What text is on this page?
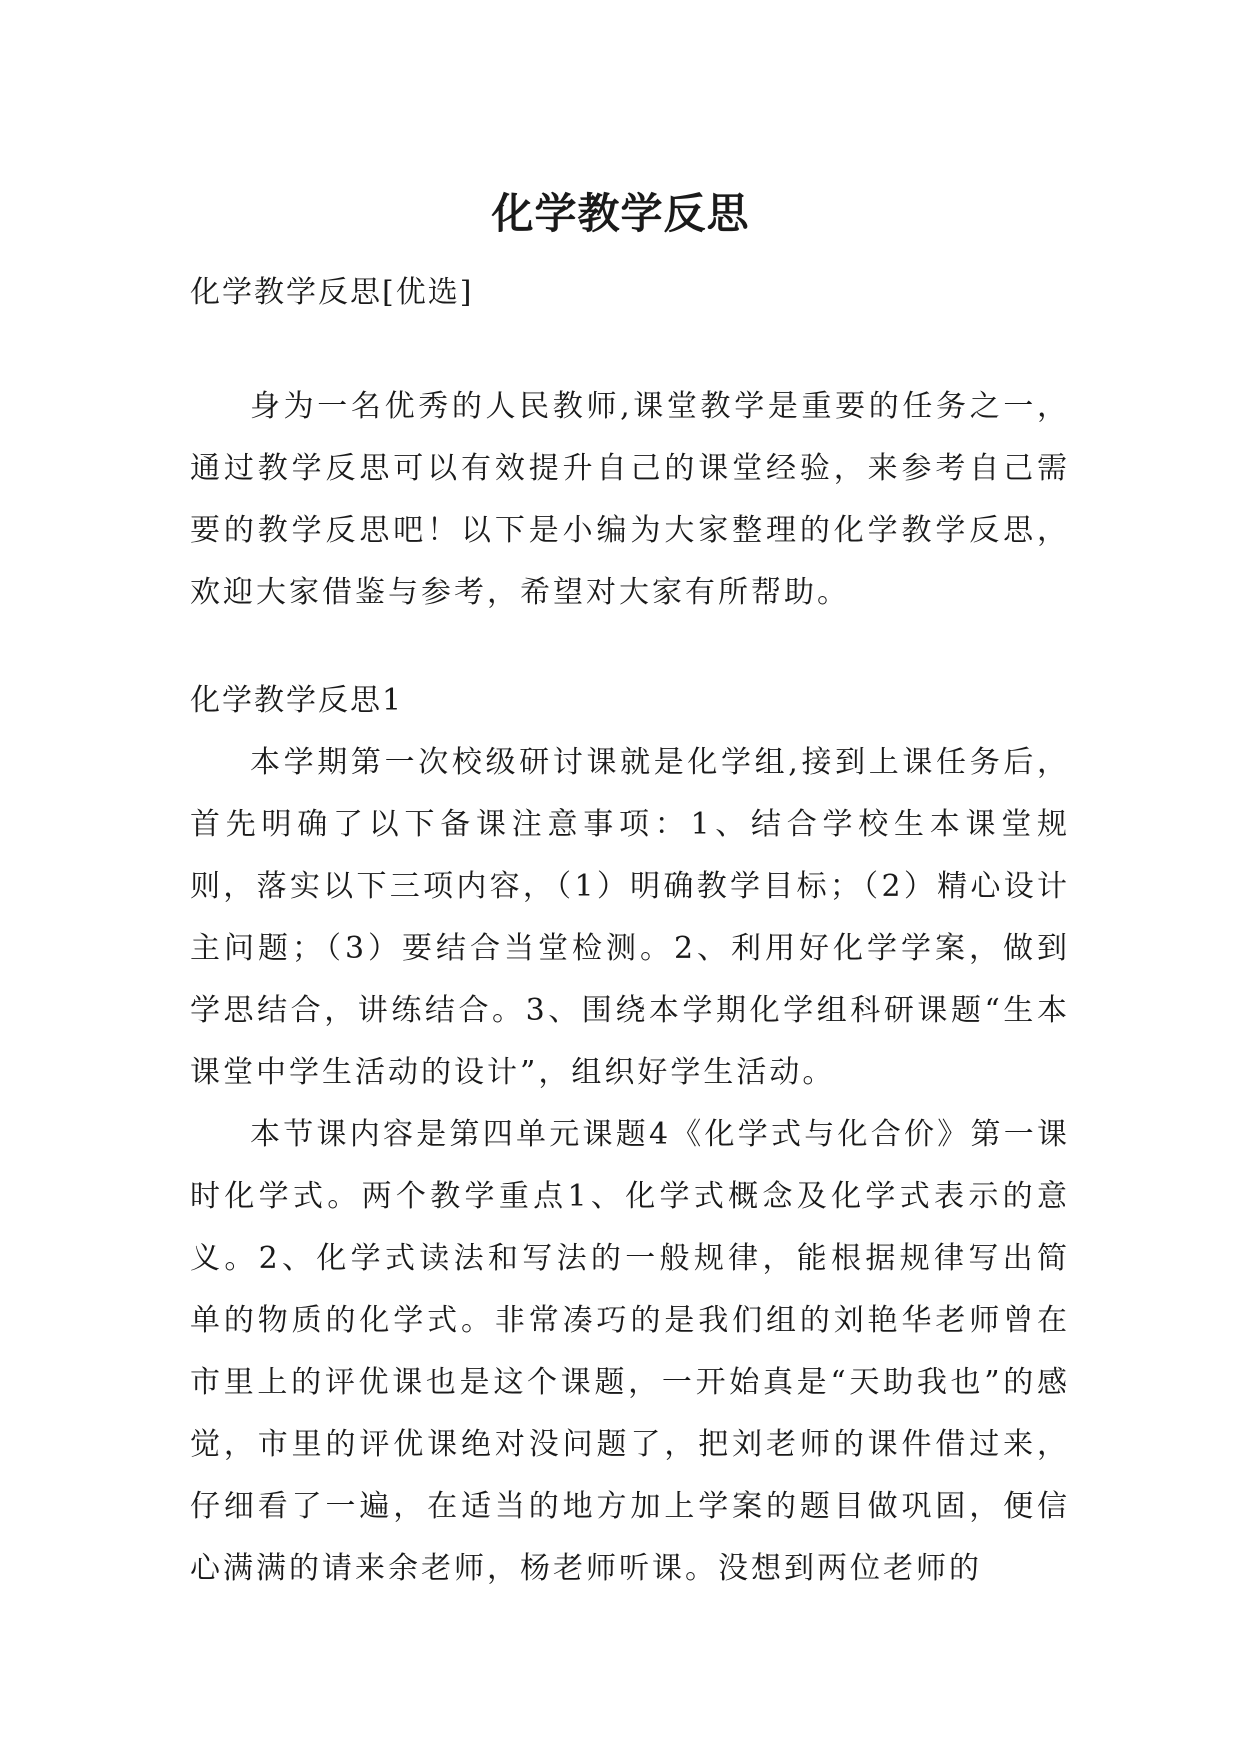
化学教学反思

化学教学反思[优选]

身为一名优秀的人民教师,课堂教学是重要的任务之一，通过教学反思可以有效提升自己的课堂经验，来参考自己需要的教学反思吧！以下是小编为大家整理的化学教学反思，欢迎大家借鉴与参考，希望对大家有所帮助。

化学教学反思1

本学期第一次校级研讨课就是化学组,接到上课任务后，首先明确了以下备课注意事项：1、结合学校生本课堂规则，落实以下三项内容，（1）明确教学目标；（2）精心设计主问题；（3）要结合当堂检测。2、利用好化学学案，做到学思结合，讲练结合。3、围绕本学期化学组科研课题“生本课堂中学生活动的设计”，组织好学生活动。

本节课内容是第四单元课题4《化学式与化合价》第一课时化学式。两个教学重点1、化学式概念及化学式表示的意义。2、化学式读法和写法的一般规律，能根据规律写出简单的物质的化学式。非常凑巧的是我们组的刘艳华老师曾在市里上的评优课也是这个课题，一开始真是“天助我也”的感觉，市里的评优课绝对没问题了，把刘老师的课件借过来，仔细看了一遍，在适当的地方加上学案的题目做巩固，便信心满满的请来余老师，杨老师听课。没想到两位老师的
